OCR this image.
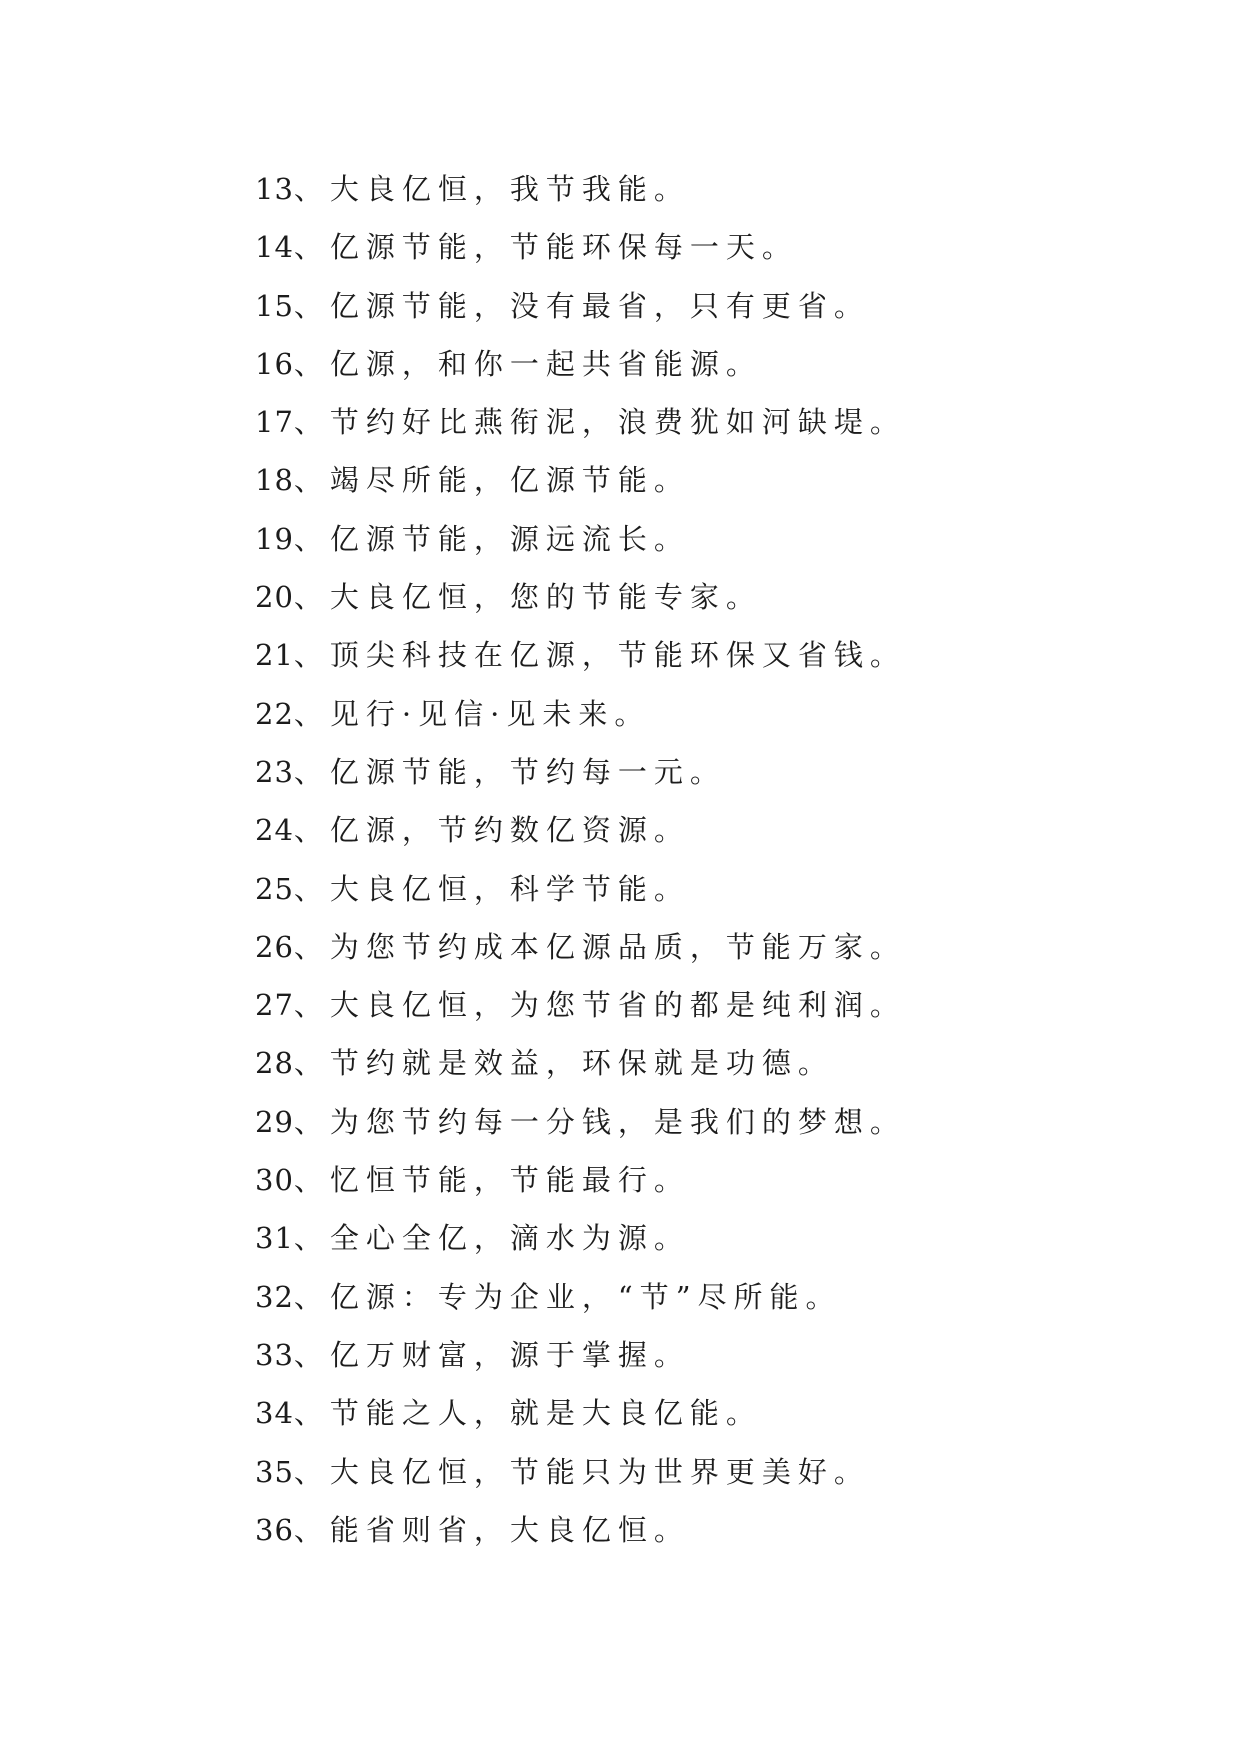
13、大良亿恒，我节我能。
14、亿源节能，节能环保每一天。
15、亿源节能，没有最省，只有更省。
16、亿源，和你一起共省能源。
17、节约好比燕衔泥，浪费犹如河缺堤。
18、竭尽所能，亿源节能。
19、亿源节能，源远流长。
20、大良亿恒，您的节能专家。
21、顶尖科技在亿源，节能环保又省钱。
22、见行·见信·见未来。
23、亿源节能，节约每一元。
24、亿源，节约数亿资源。
25、大良亿恒，科学节能。
26、为您节约成本亿源品质，节能万家。
27、大良亿恒，为您节省的都是纯利润。
28、节约就是效益，环保就是功德。
29、为您节约每一分钱，是我们的梦想。
30、忆恒节能，节能最行。
31、全心全亿，滴水为源。
32、亿源：专为企业，“节”尽所能。
33、亿万财富，源于掌握。
34、节能之人，就是大良亿能。
35、大良亿恒，节能只为世界更美好。
36、能省则省，大良亿恒。
